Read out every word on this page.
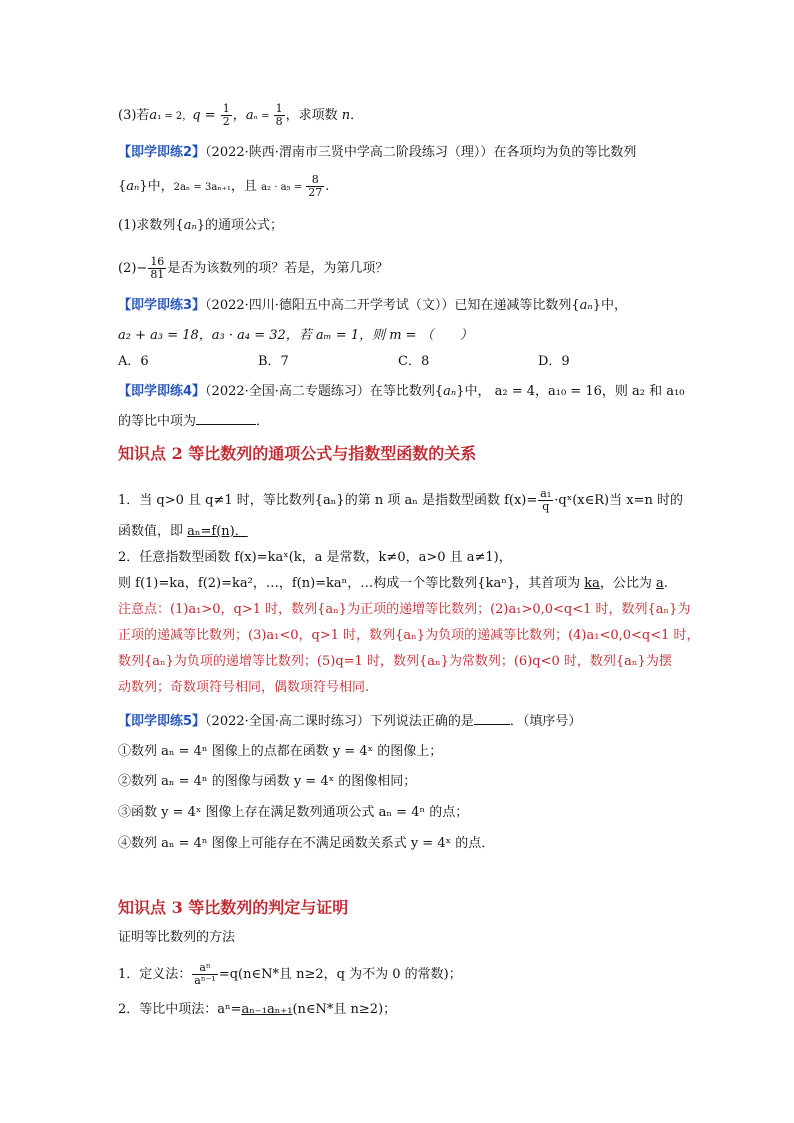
(3)若a₁ = 2，$q = \frac{1}{2}$ ，$a_n = \frac{1}{8}$ ，求项数 n．
【即学即练2】（2022·陕西·渭南市三贤中学高二阶段练习（理））在各项均为负的等比数列
{aₙ}中，2aₙ = 3aₙ₊₁，且 $a_2 \cdot a_5 = \frac{8}{27}$ .
(1)求数列{aₙ}的通项公式；
$(2)- \frac{16}{81}$ 是否为该数列的项？若是，为第几项？
【即学即练3】（2022·四川·德阳五中高二开学考试（文））已知在递减等比数列{aₙ}中，
a₂ + a₃ = 18，a₃ · a₄ = 32，若 aₘ = 1，则 m = （　　）
A．6	B．7	C．8	D．9
【即学即练4】（2022·全国·高二专题练习）在等比数列{aₙ}中， a₂ = 4，a₁₀ = 16，则 a₂ 和 a₁₀
的等比中项为	．
知识点 2 等比数列的通项公式与指数型函数的关系
1．当 q>0 且 q≠1 时，等比数列{aₙ}的第 n 项 aₙ 是指数型函数 $f(x)= \frac{\text{a₁}}{q}$ ·qˣ(x∈R)当 x=n 时的
函数值，即 aₙ=f(n)．
2．任意指数型函数 f(x)=kaˣ(k，a 是常数，k≠0，a>0 且 a≠1)，
则 f(1)=ka，f(2)=ka²，…，f(n)=kaⁿ，…构成一个等比数列{kaⁿ}，其首项为 ka，公比为 a.
注意点：(1)a₁>0，q>1 时，数列{aₙ}为正项的递增等比数列；(2)a₁>0,0<q<1 时，数列{aₙ}为
正项的递减等比数列；(3)a₁<0，q>1 时，数列{aₙ}为负项的递减等比数列；(4)a₁<0,0<q<1 时，
数列{aₙ}为负项的递增等比数列；(5)q=1 时，数列{aₙ}为常数列；(6)q<0 时，数列{aₙ}为摆
动数列；奇数项符号相同，偶数项符号相同.
【即学即练5】（2022·全国·高二课时练习）下列说法正确的是	．（填序号）
①数列 aₙ = 4ⁿ 图像上的点都在函数 y = 4ˣ 的图像上；
②数列 aₙ = 4ⁿ 的图像与函数 y = 4ˣ 的图像相同；
③函数 y = 4ˣ 图像上存在满足数列通项公式 aₙ = 4ⁿ 的点；
④数列 aₙ = 4ⁿ 图像上可能存在不满足函数关系式 y = 4ˣ 的点．
知识点 3 等比数列的判定与证明
证明等比数列的方法
1．定义法： $\frac{\text{aⁿ}}{\text{aⁿ⁻¹}}$ =q(n∈N*且 n≥2，q 为不为 0 的常数)；
2．等比中项法：aⁿ=aₙ₋₁aₙ₊₁(n∈N*且 n≥2)；
